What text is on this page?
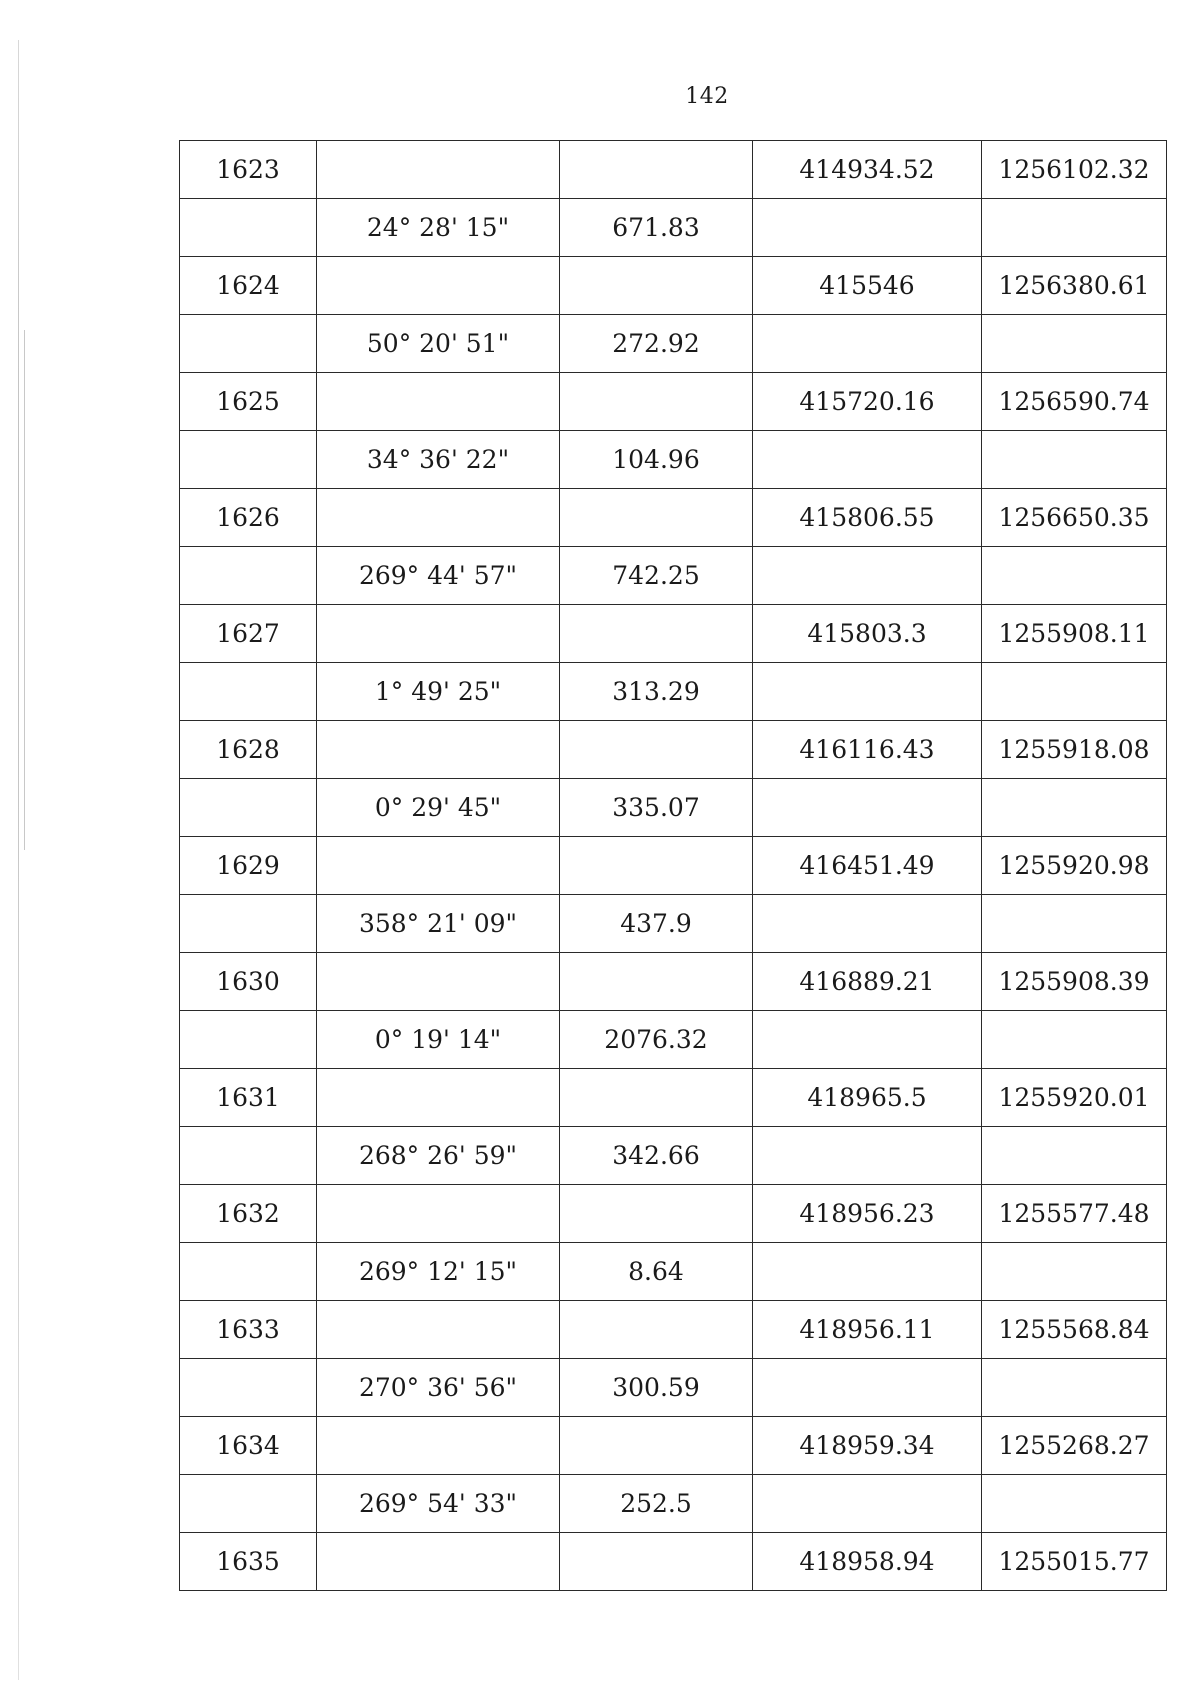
142
1623			414934.52	1256102.32
	24° 28' 15"	671.83		
1624			415546	1256380.61
	50° 20' 51"	272.92		
1625			415720.16	1256590.74
	34° 36' 22"	104.96		
1626			415806.55	1256650.35
	269° 44' 57"	742.25		
1627			415803.3	1255908.11
	1° 49' 25"	313.29		
1628			416116.43	1255918.08
	0° 29' 45"	335.07		
1629			416451.49	1255920.98
	358° 21' 09"	437.9		
1630			416889.21	1255908.39
	0° 19' 14"	2076.32		
1631			418965.5	1255920.01
	268° 26' 59"	342.66		
1632			418956.23	1255577.48
	269° 12' 15"	8.64		
1633			418956.11	1255568.84
	270° 36' 56"	300.59		
1634			418959.34	1255268.27
	269° 54' 33"	252.5		
1635			418958.94	1255015.77
